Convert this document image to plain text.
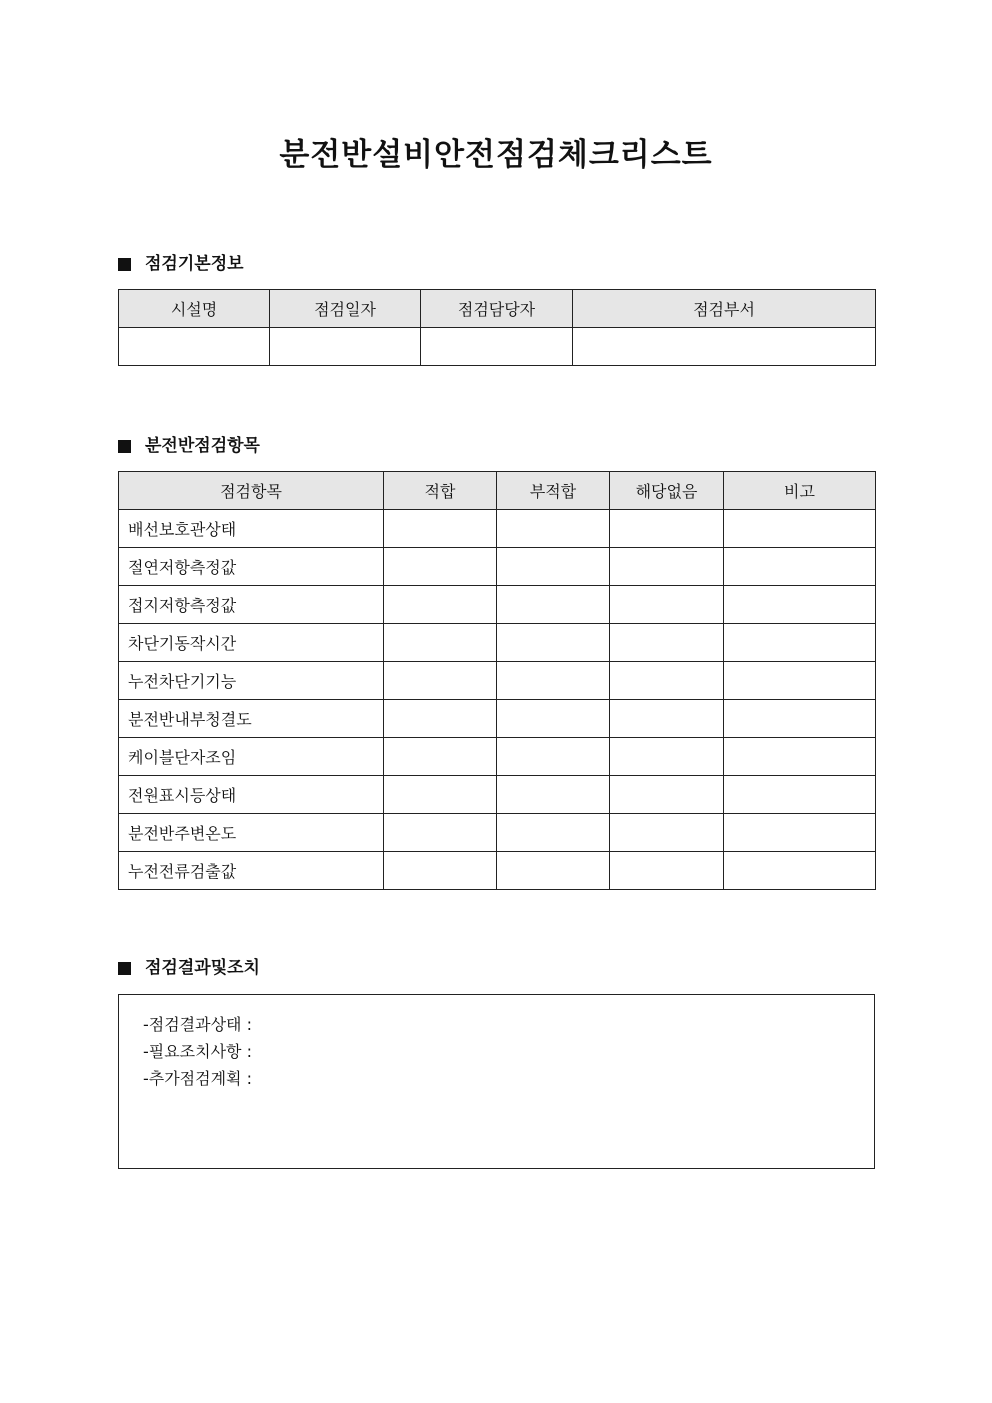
분전반설비안전점검체크리스트
점검기본정보
시설명	점검일자	점검담당자	점검부서

분전반점검항목
점검항목	적합	부적합	해당없음	비고
배선보호관상태				
절연저항측정값				
접지저항측정값				
차단기동작시간				
누전차단기기능				
분전반내부청결도				
케이블단자조임				
전원표시등상태				
분전반주변온도				
누전전류검출값				
점검결과및조치
-점검결과상태 :
-필요조치사항 :
-추가점검계획 :
